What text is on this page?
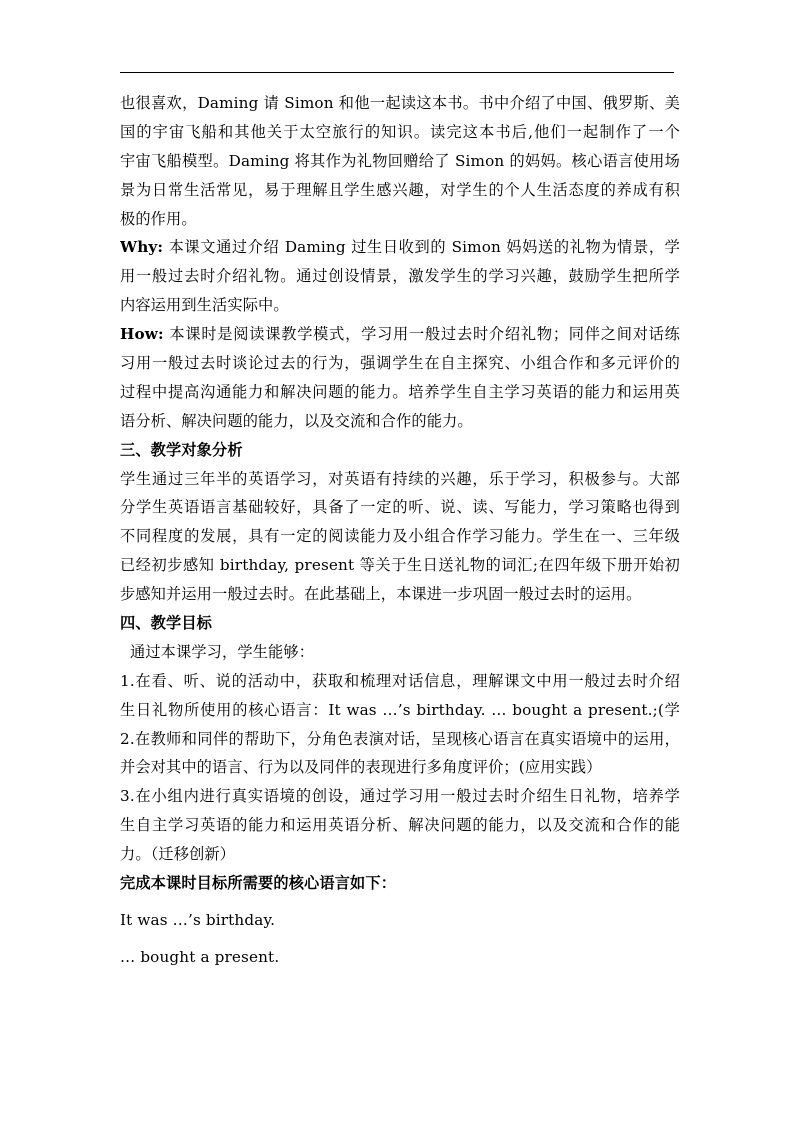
也很喜欢，Daming 请 Simon 和他一起读这本书。书中介绍了中国、俄罗斯、美
国的宇宙飞船和其他关于太空旅行的知识。读完这本书后,他们一起制作了一个
宇宙飞船模型。Daming 将其作为礼物回赠给了 Simon 的妈妈。核心语言使用场
景为日常生活常见，易于理解且学生感兴趣，对学生的个人生活态度的养成有积
极的作用。
Why: 本课文通过介绍 Daming 过生日收到的 Simon 妈妈送的礼物为情景，学
用一般过去时介绍礼物。通过创设情景，激发学生的学习兴趣，鼓励学生把所学
内容运用到生活实际中。
How: 本课时是阅读课教学模式，学习用一般过去时介绍礼物；同伴之间对话练
习用一般过去时谈论过去的行为，强调学生在自主探究、小组合作和多元评价的
过程中提高沟通能力和解决问题的能力。培养学生自主学习英语的能力和运用英
语分析、解决问题的能力，以及交流和合作的能力。
三、教学对象分析
学生通过三年半的英语学习，对英语有持续的兴趣，乐于学习，积极参与。大部
分学生英语语言基础较好，具备了一定的听、说、读、写能力，学习策略也得到
不同程度的发展，具有一定的阅读能力及小组合作学习能力。学生在一、三年级
已经初步感知 birthday, present 等关于生日送礼物的词汇;在四年级下册开始初
步感知并运用一般过去时。在此基础上，本课进一步巩固一般过去时的运用。
四、教学目标
通过本课学习，学生能够：
1.在看、听、说的活动中，获取和梳理对话信息，理解课文中用一般过去时介绍
生日礼物所使用的核心语言：It was …’s birthday. … bought a present.;(学
2.在教师和同伴的帮助下，分角色表演对话，呈现核心语言在真实语境中的运用，
并会对其中的语言、行为以及同伴的表现进行多角度评价；(应用实践）
3.在小组内进行真实语境的创设，通过学习用一般过去时介绍生日礼物，培养学
生自主学习英语的能力和运用英语分析、解决问题的能力，以及交流和合作的能
力。（迁移创新）
完成本课时目标所需要的核心语言如下：
It was …’s birthday.
… bought a present.
